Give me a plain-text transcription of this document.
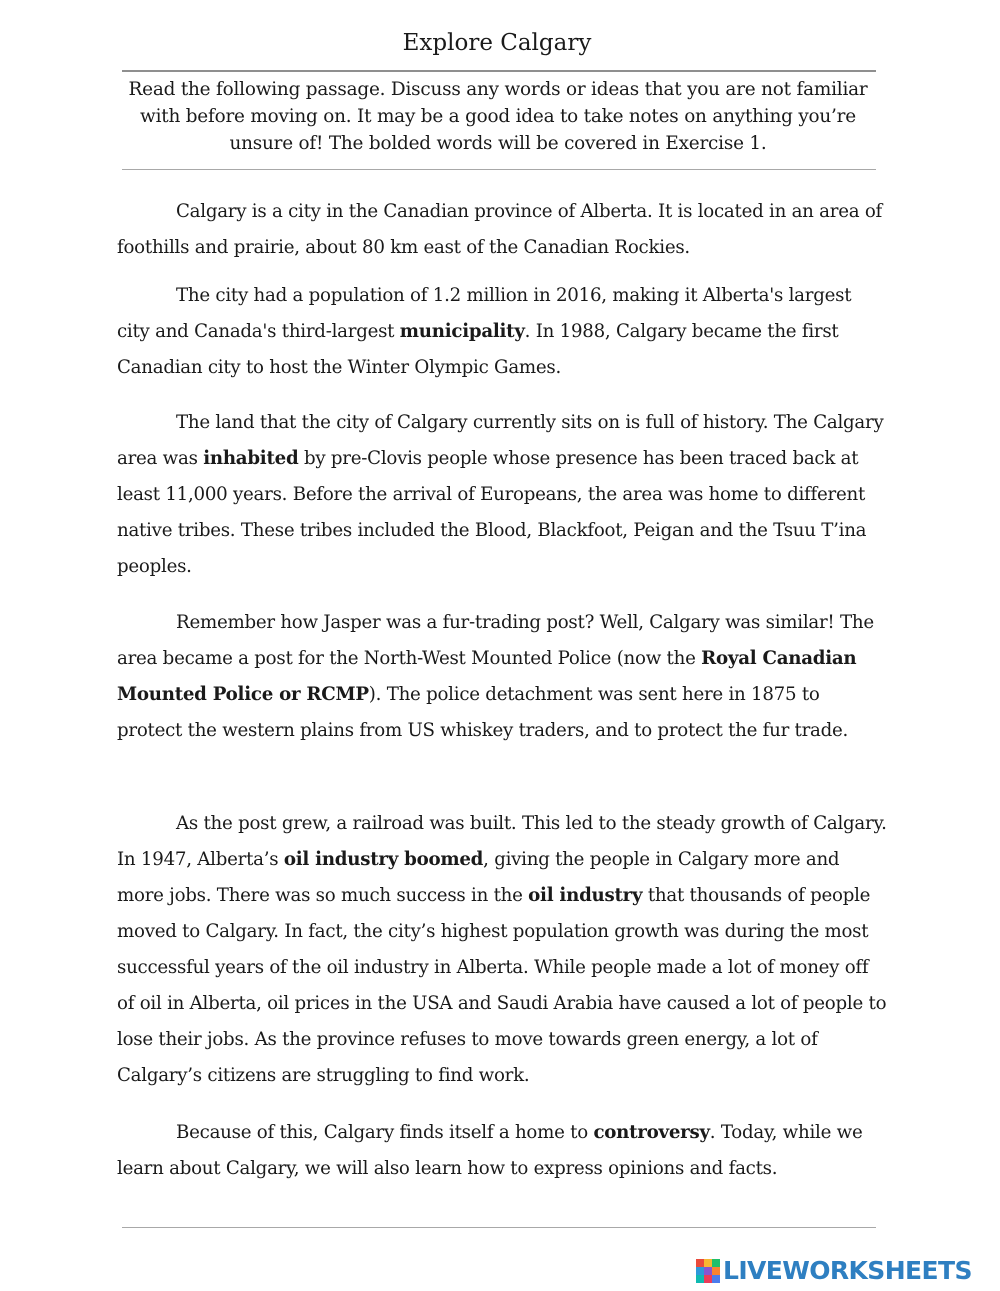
Explore Calgary
Read the following passage. Discuss any words or ideas that you are not familiar with before moving on. It may be a good idea to take notes on anything you’re unsure of! The bolded words will be covered in Exercise 1.

Calgary is a city in the Canadian province of Alberta. It is located in an area of foothills and prairie, about 80 km east of the Canadian Rockies.

The city had a population of 1.2 million in 2016, making it Alberta's largest city and Canada's third-largest municipality. In 1988, Calgary became the first Canadian city to host the Winter Olympic Games.

The land that the city of Calgary currently sits on is full of history. The Calgary area was inhabited by pre-Clovis people whose presence has been traced back at least 11,000 years. Before the arrival of Europeans, the area was home to different native tribes. These tribes included the Blood, Blackfoot, Peigan and the Tsuu T’ina peoples.

Remember how Jasper was a fur-trading post? Well, Calgary was similar! The area became a post for the North-West Mounted Police (now the Royal Canadian Mounted Police or RCMP). The police detachment was sent here in 1875 to protect the western plains from US whiskey traders, and to protect the fur trade.

As the post grew, a railroad was built. This led to the steady growth of Calgary. In 1947, Alberta’s oil industry boomed, giving the people in Calgary more and more jobs. There was so much success in the oil industry that thousands of people moved to Calgary. In fact, the city’s highest population growth was during the most successful years of the oil industry in Alberta. While people made a lot of money off of oil in Alberta, oil prices in the USA and Saudi Arabia have caused a lot of people to lose their jobs. As the province refuses to move towards green energy, a lot of Calgary’s citizens are struggling to find work.

Because of this, Calgary finds itself a home to controversy. Today, while we learn about Calgary, we will also learn how to express opinions and facts.

LIVEWORKSHEETS
